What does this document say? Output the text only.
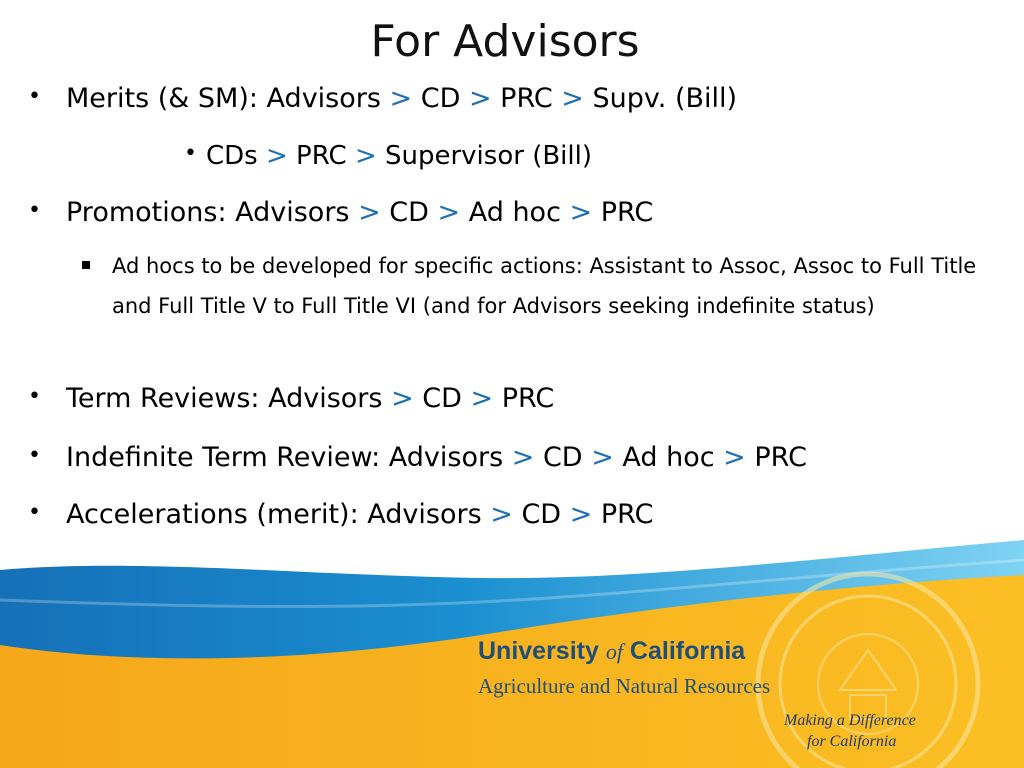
For Advisors
• Merits (& SM): Advisors > CD > PRC > Supv. (Bill)
• CDs > PRC > Supervisor (Bill)
• Promotions: Advisors > CD > Ad hoc > PRC
Ad hocs to be developed for specific actions: Assistant to Assoc, Assoc to Full Title and Full Title V to Full Title VI (and for Advisors seeking indefinite status)
• Term Reviews: Advisors > CD > PRC
• Indefinite Term Review: Advisors > CD > Ad hoc > PRC
• Accelerations (merit): Advisors > CD > PRC
University of California
Agriculture and Natural Resources
Making a Difference
for California
